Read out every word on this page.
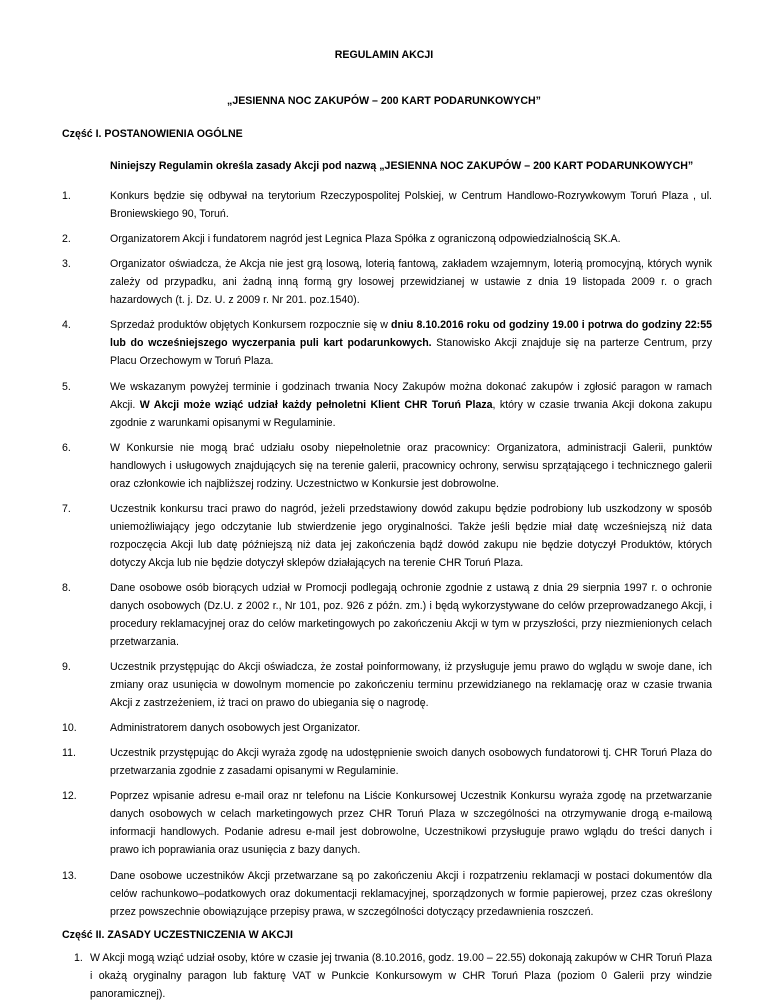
REGULAMIN AKCJI
„JESIENNA NOC ZAKUPÓW – 200 KART PODARUNKOWYCH”
Część I. POSTANOWIENIA OGÓLNE
Niniejszy Regulamin określa zasady Akcji pod nazwą „JESIENNA NOC ZAKUPÓW – 200 KART PODARUNKOWYCH”
1.	Konkurs będzie się odbywał na terytorium Rzeczypospolitej Polskiej, w Centrum Handlowo-Rozrywkowym Toruń Plaza , ul. Broniewskiego 90, Toruń.
2.	Organizatorem Akcji i fundatorem nagród jest Legnica Plaza Spółka z ograniczoną odpowiedzialnością SK.A.
3.	Organizator oświadcza, że Akcja nie jest grą losową, loterią fantową, zakładem wzajemnym, loterią promocyjną, których wynik zależy od przypadku, ani żadną inną formą gry losowej przewidzianej w ustawie z dnia 19 listopada 2009 r. o grach hazardowych (t. j. Dz. U. z 2009 r. Nr 201. poz.1540).
4.	Sprzedaż produktów objętych Konkursem rozpocznie się w dniu 8.10.2016 roku od godziny 19.00 i potrwa do godziny 22:55 lub do wcześniejszego wyczerpania puli kart podarunkowych. Stanowisko Akcji znajduje się na parterze Centrum, przy Placu Orzechowym w Toruń Plaza.
5.	We wskazanym powyżej terminie i godzinach trwania Nocy Zakupów można dokonać zakupów i zgłosić paragon w ramach Akcji. W Akcji może wziąć udział każdy pełnoletni Klient CHR Toruń Plaza, który w czasie trwania Akcji dokona zakupu zgodnie z warunkami opisanymi w Regulaminie.
6.	W Konkursie nie mogą brać udziału osoby niepełnoletnie oraz pracownicy: Organizatora, administracji Galerii, punktów handlowych i usługowych znajdujących się na terenie galerii, pracownicy ochrony, serwisu sprzątającego i technicznego galerii oraz członkowie ich najbliższej rodziny. Uczestnictwo w Konkursie jest dobrowolne.
7.	Uczestnik konkursu traci prawo do nagród, jeżeli przedstawiony dowód zakupu będzie podrobiony lub uszkodzony w sposób uniemożliwiający jego odczytanie lub stwierdzenie jego oryginalności. Także jeśli będzie miał datę wcześniejszą niż data rozpoczęcia Akcji lub datę późniejszą niż data jej zakończenia bądź dowód zakupu nie będzie dotyczył Produktów, których dotyczy Akcja lub nie będzie dotyczył sklepów działających na terenie CHR Toruń Plaza.
8.	Dane osobowe osób biorących udział w Promocji podlegają ochronie zgodnie z ustawą z dnia 29 sierpnia 1997 r. o ochronie danych osobowych (Dz.U. z 2002 r., Nr 101, poz. 926 z późn. zm.) i będą wykorzystywane do celów przeprowadzanego Akcji, i procedury reklamacyjnej oraz do celów marketingowych po zakończeniu Akcji w tym w przyszłości, przy niezmienionych celach przetwarzania.
9.	Uczestnik przystępując do Akcji oświadcza, że został poinformowany, iż przysługuje jemu prawo do wglądu w swoje dane, ich zmiany oraz usunięcia w dowolnym momencie po zakończeniu terminu przewidzianego na reklamację oraz w czasie trwania Akcji z zastrzeżeniem, iż traci on prawo do ubiegania się o nagrodę.
10.	Administratorem danych osobowych jest Organizator.
11.	Uczestnik przystępując do Akcji wyraża zgodę na udostępnienie swoich danych osobowych fundatorowi tj. CHR Toruń Plaza do przetwarzania zgodnie z zasadami opisanymi w Regulaminie.
12.	Poprzez wpisanie adresu e-mail oraz nr telefonu na Liście Konkursowej Uczestnik Konkursu wyraża zgodę na przetwarzanie danych osobowych w celach marketingowych przez CHR Toruń Plaza w szczególności na otrzymywanie drogą e-mailową informacji handlowych. Podanie adresu e-mail jest dobrowolne, Uczestnikowi przysługuje prawo wglądu do treści danych i prawo ich poprawiania oraz usunięcia z bazy danych.
13.	Dane osobowe uczestników Akcji przetwarzane są po zakończeniu Akcji i rozpatrzeniu reklamacji w postaci dokumentów dla celów rachunkowo–podatkowych oraz dokumentacji reklamacyjnej, sporządzonych w formie papierowej, przez czas określony przez powszechnie obowiązujące przepisy prawa, w szczególności dotyczący przedawnienia roszczeń.
Część II. ZASADY UCZESTNICZENIA W AKCJI
1. W Akcji mogą wziąć udział osoby, które w czasie jej trwania (8.10.2016, godz. 19.00 – 22.55) dokonają zakupów w CHR Toruń Plaza i okażą oryginalny paragon lub fakturę VAT w Punkcie Konkursowym w CHR Toruń Plaza (poziom 0 Galerii przy windzie panoramicznej).
